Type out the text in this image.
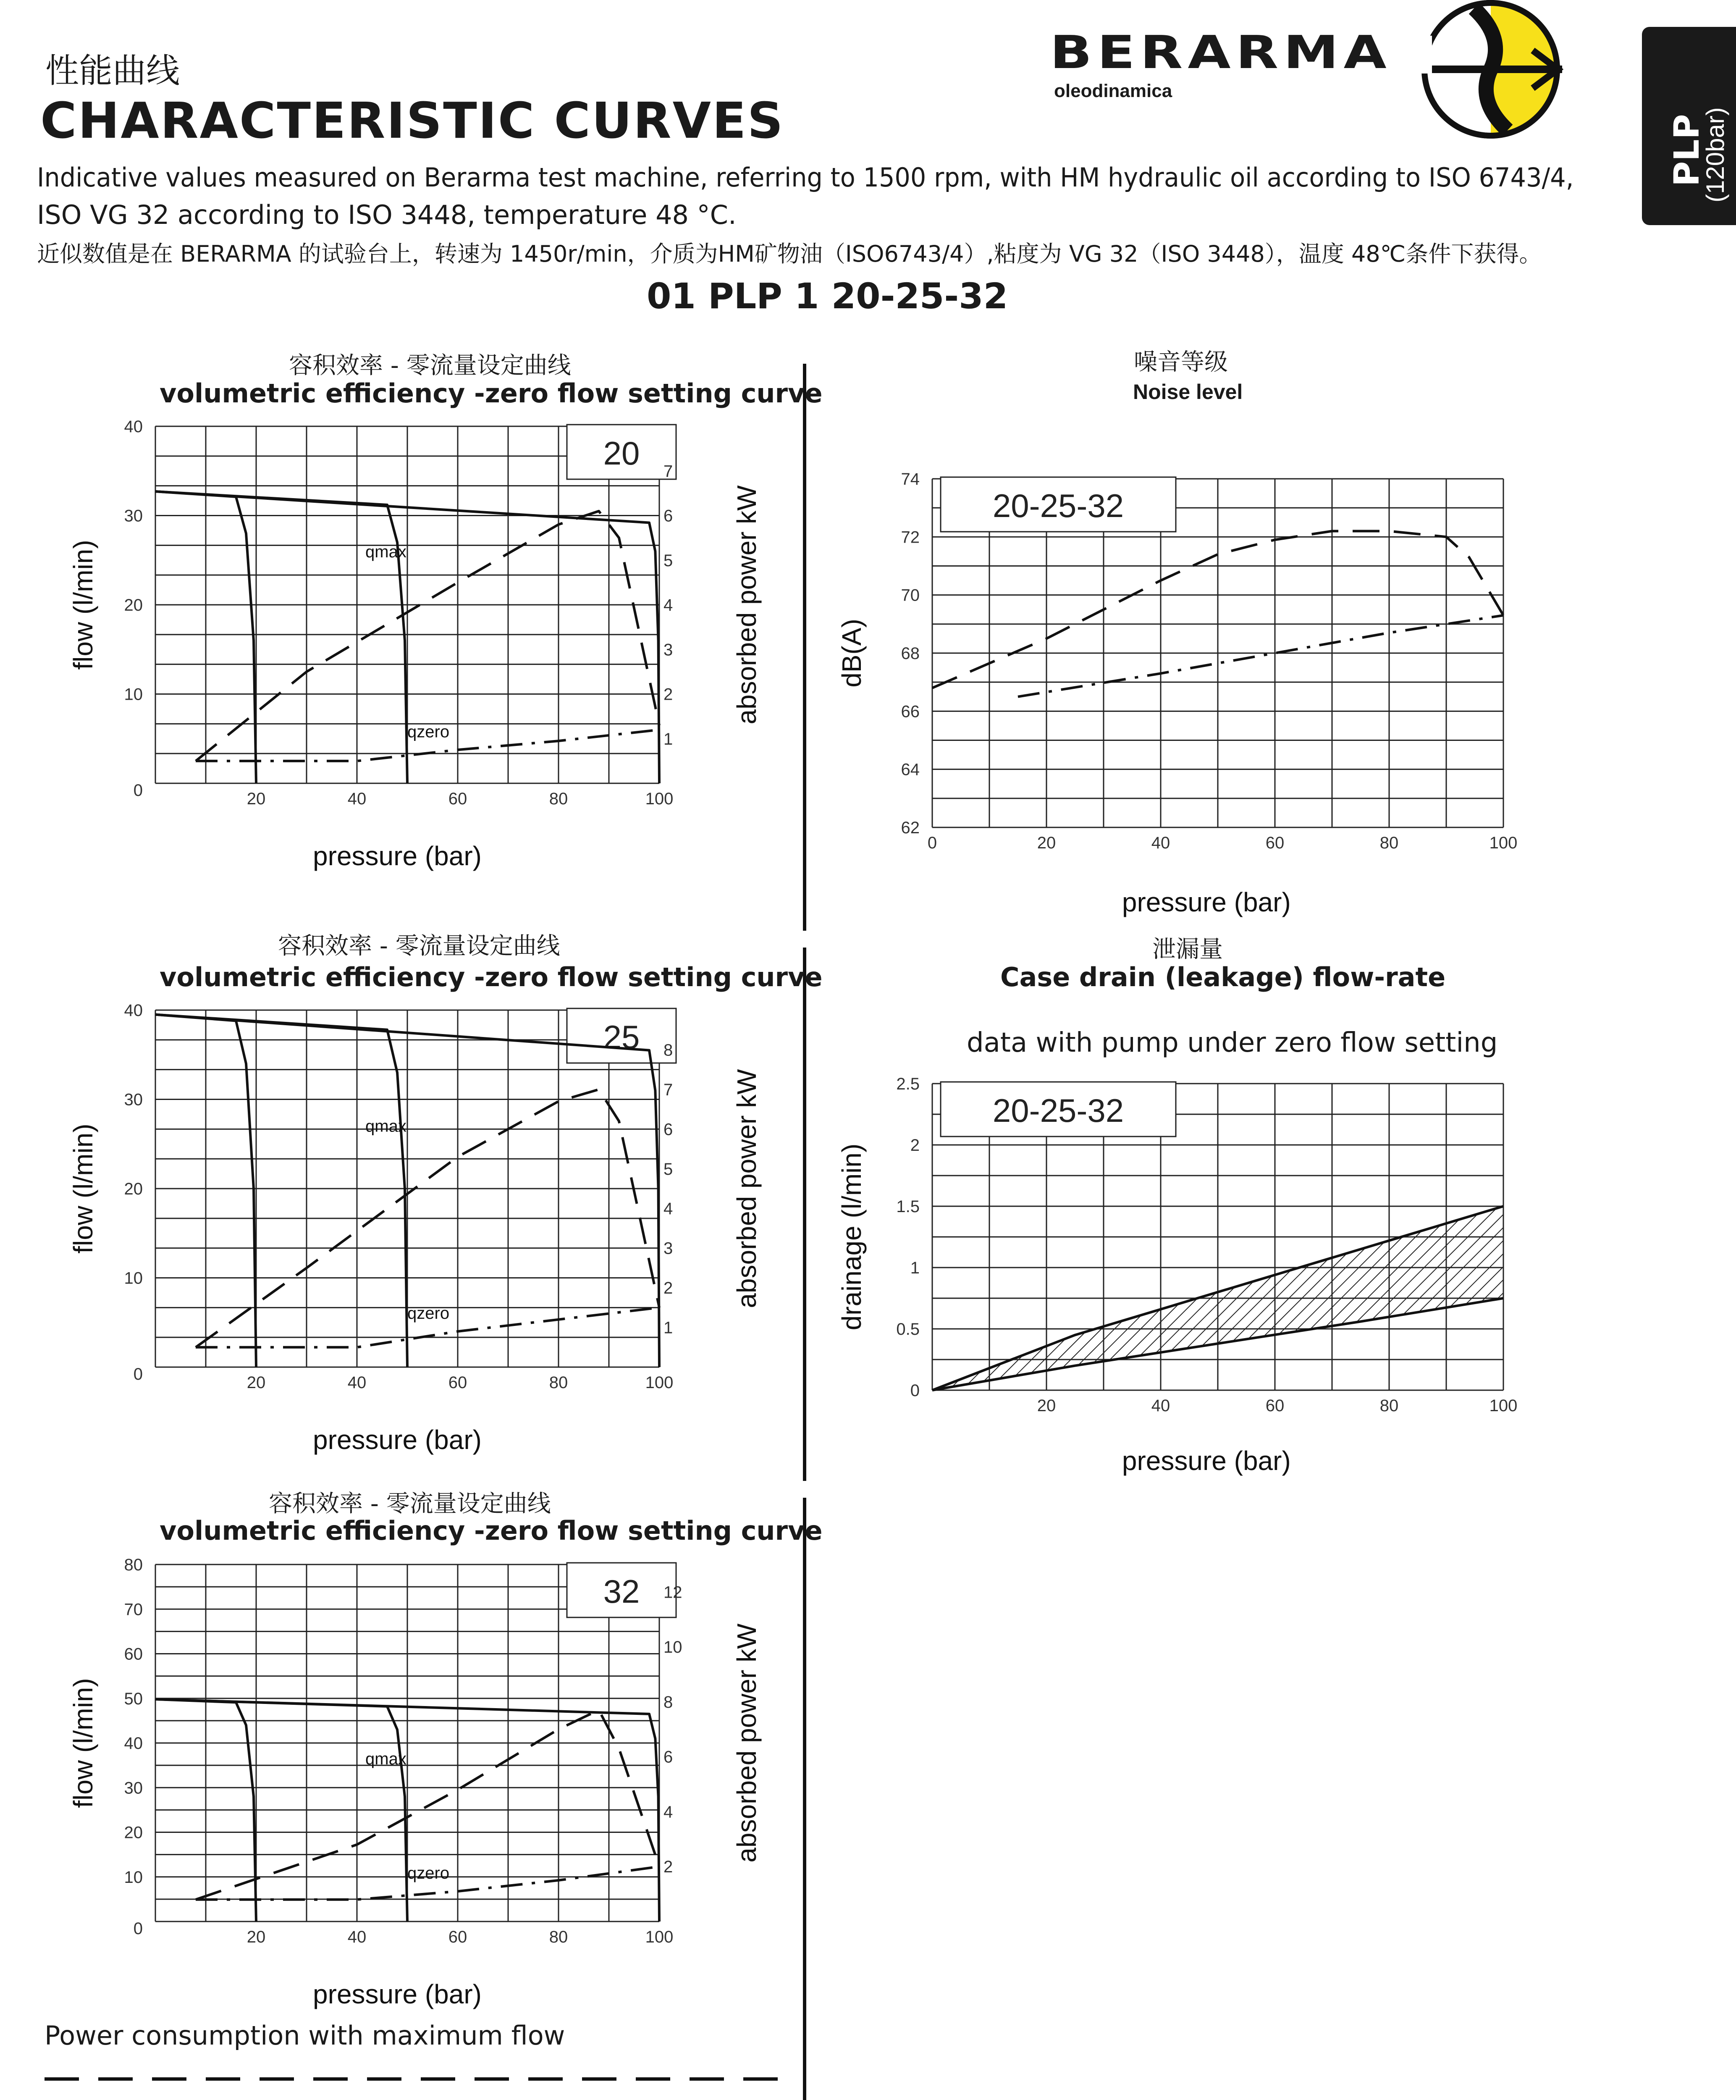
性能曲线
CHARACTERISTIC CURVES
BERARMA
oleodinamica
PLP
(120bar)
Indicative values measured on Berarma test machine, referring to 1500 rpm, with HM hydraulic oil according to ISO 6743/4,
ISO VG 32 according to ISO 3448, temperature 48 °C.
近似数值是在 BERARMA 的试验台上，转速为 1450r/min，介质为HM矿物油（ISO6743/4）,粘度为 VG 32（ISO 3448），温度 48℃条件下获得。
01 PLP 1 20-25-32
容积效率 - 零流量设定曲线
volumetric efficiency -zero flow setting curve
容积效率 - 零流量设定曲线
volumetric efficiency -zero flow setting curve
容积效率 - 零流量设定曲线
volumetric efficiency -zero flow setting curve
噪音等级
Noise level
泄漏量
Case drain (leakage) flow-rate
data with pump under zero flow setting
20
qmax
qzero
20	40	60	80	100
0
10
20
30
40
1
2
3
4
5
6
7
pressure (bar)
flow (l/min)	absorbed power kW
25
qmax
qzero
20	40	60	80	100
0
10
20
30
40
1
2
3
4
5
6
7
8
pressure (bar)
flow (l/min)	absorbed power kW
32
qmax
qzero
20	40	60	80	100
0
10
20
30
40
50
60
70
80
2
4
6
8
10
12
pressure (bar)
flow (l/min)	absorbed power kW
20-25-32
0	20	40	60	80	100
62
64
66
68
70
72
74
pressure (bar)
dB(A)
20-25-32
20	40	60	80	100
0
0.5
1
1.5
2
2.5
pressure (bar)
drainage (l/min)
Power consumption with maximum flow
